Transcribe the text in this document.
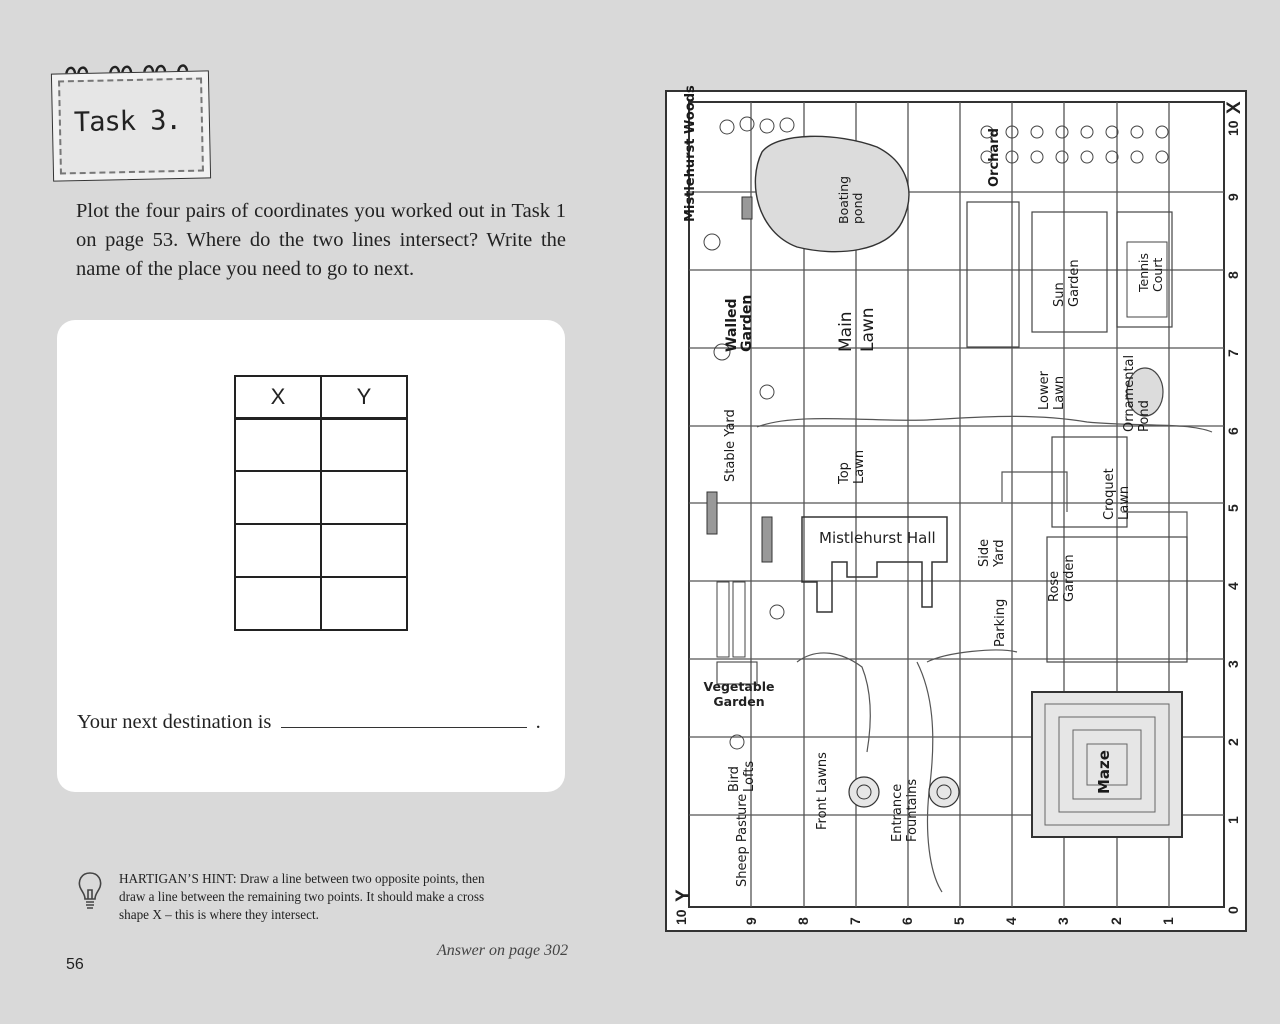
Task 3.
Plot the four pairs of coordinates you worked out in Task 1 on page 53. Where do the two lines intersect? Write the name of the place you need to go to next.
X	Y

Your next destination is	.
HARTIGAN’S HINT: Draw a line between two opposite points, then draw a line between the remaining two points. It should make a cross shape X – this is where they intersect.
Answer on page 302
56
X
Y
0
1
2
3
4
5
6
7
8
9
10
10	9	8	7	6	5	4	3	2	1
Mistlehurst Woods	Boating pond
Orchard
Walled Garden	Main Lawn
Sun Garden	Tennis Court
Lower Lawn	Ornamental Pond
Stable Yard	Top Lawn
Croquet Lawn
Side Yard
Rose Garden
Parking
Mistlehurst Hall
Vegetable Garden
Bird Lofts	Front Lawns	Entrance Fountains
Maze
Sheep Pasture
